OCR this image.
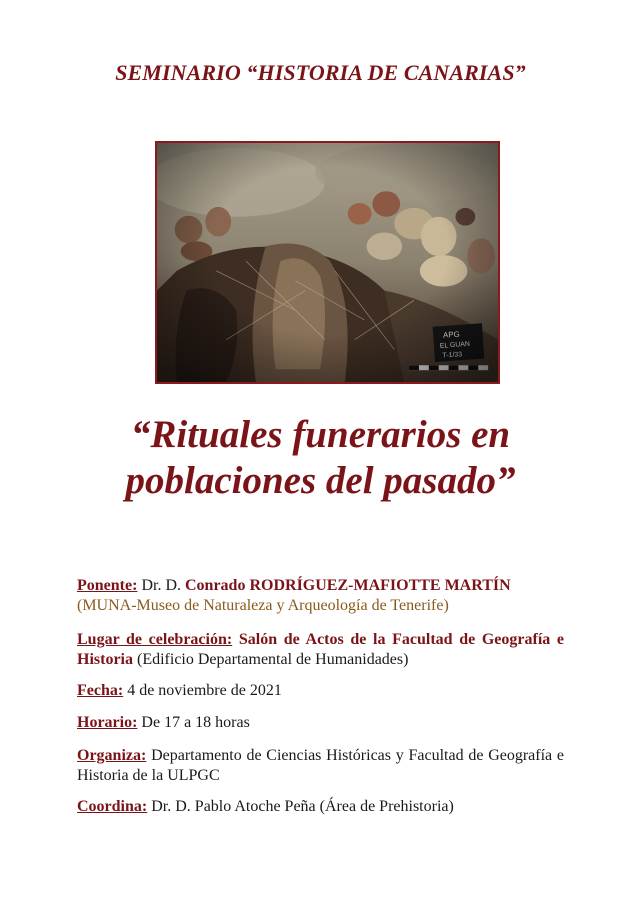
SEMINARIO “HISTORIA DE CANARIAS”
“Rituales funerarios en
poblaciones del pasado”
Ponente: Dr. D. Conrado RODRÍGUEZ-MAFIOTTE MARTÍN
(MUNA-Museo de Naturaleza y Arqueología de Tenerife)
Lugar de celebración: Salón de Actos de la Facultad de Geografía e Historia (Edificio Departamental de Humanidades)
Fecha: 4 de noviembre de 2021
Horario: De 17 a 18 horas
Organiza: Departamento de Ciencias Históricas y Facultad de Geografía e Historia de la ULPGC
Coordina: Dr. D. Pablo Atoche Peña (Área de Prehistoria)
